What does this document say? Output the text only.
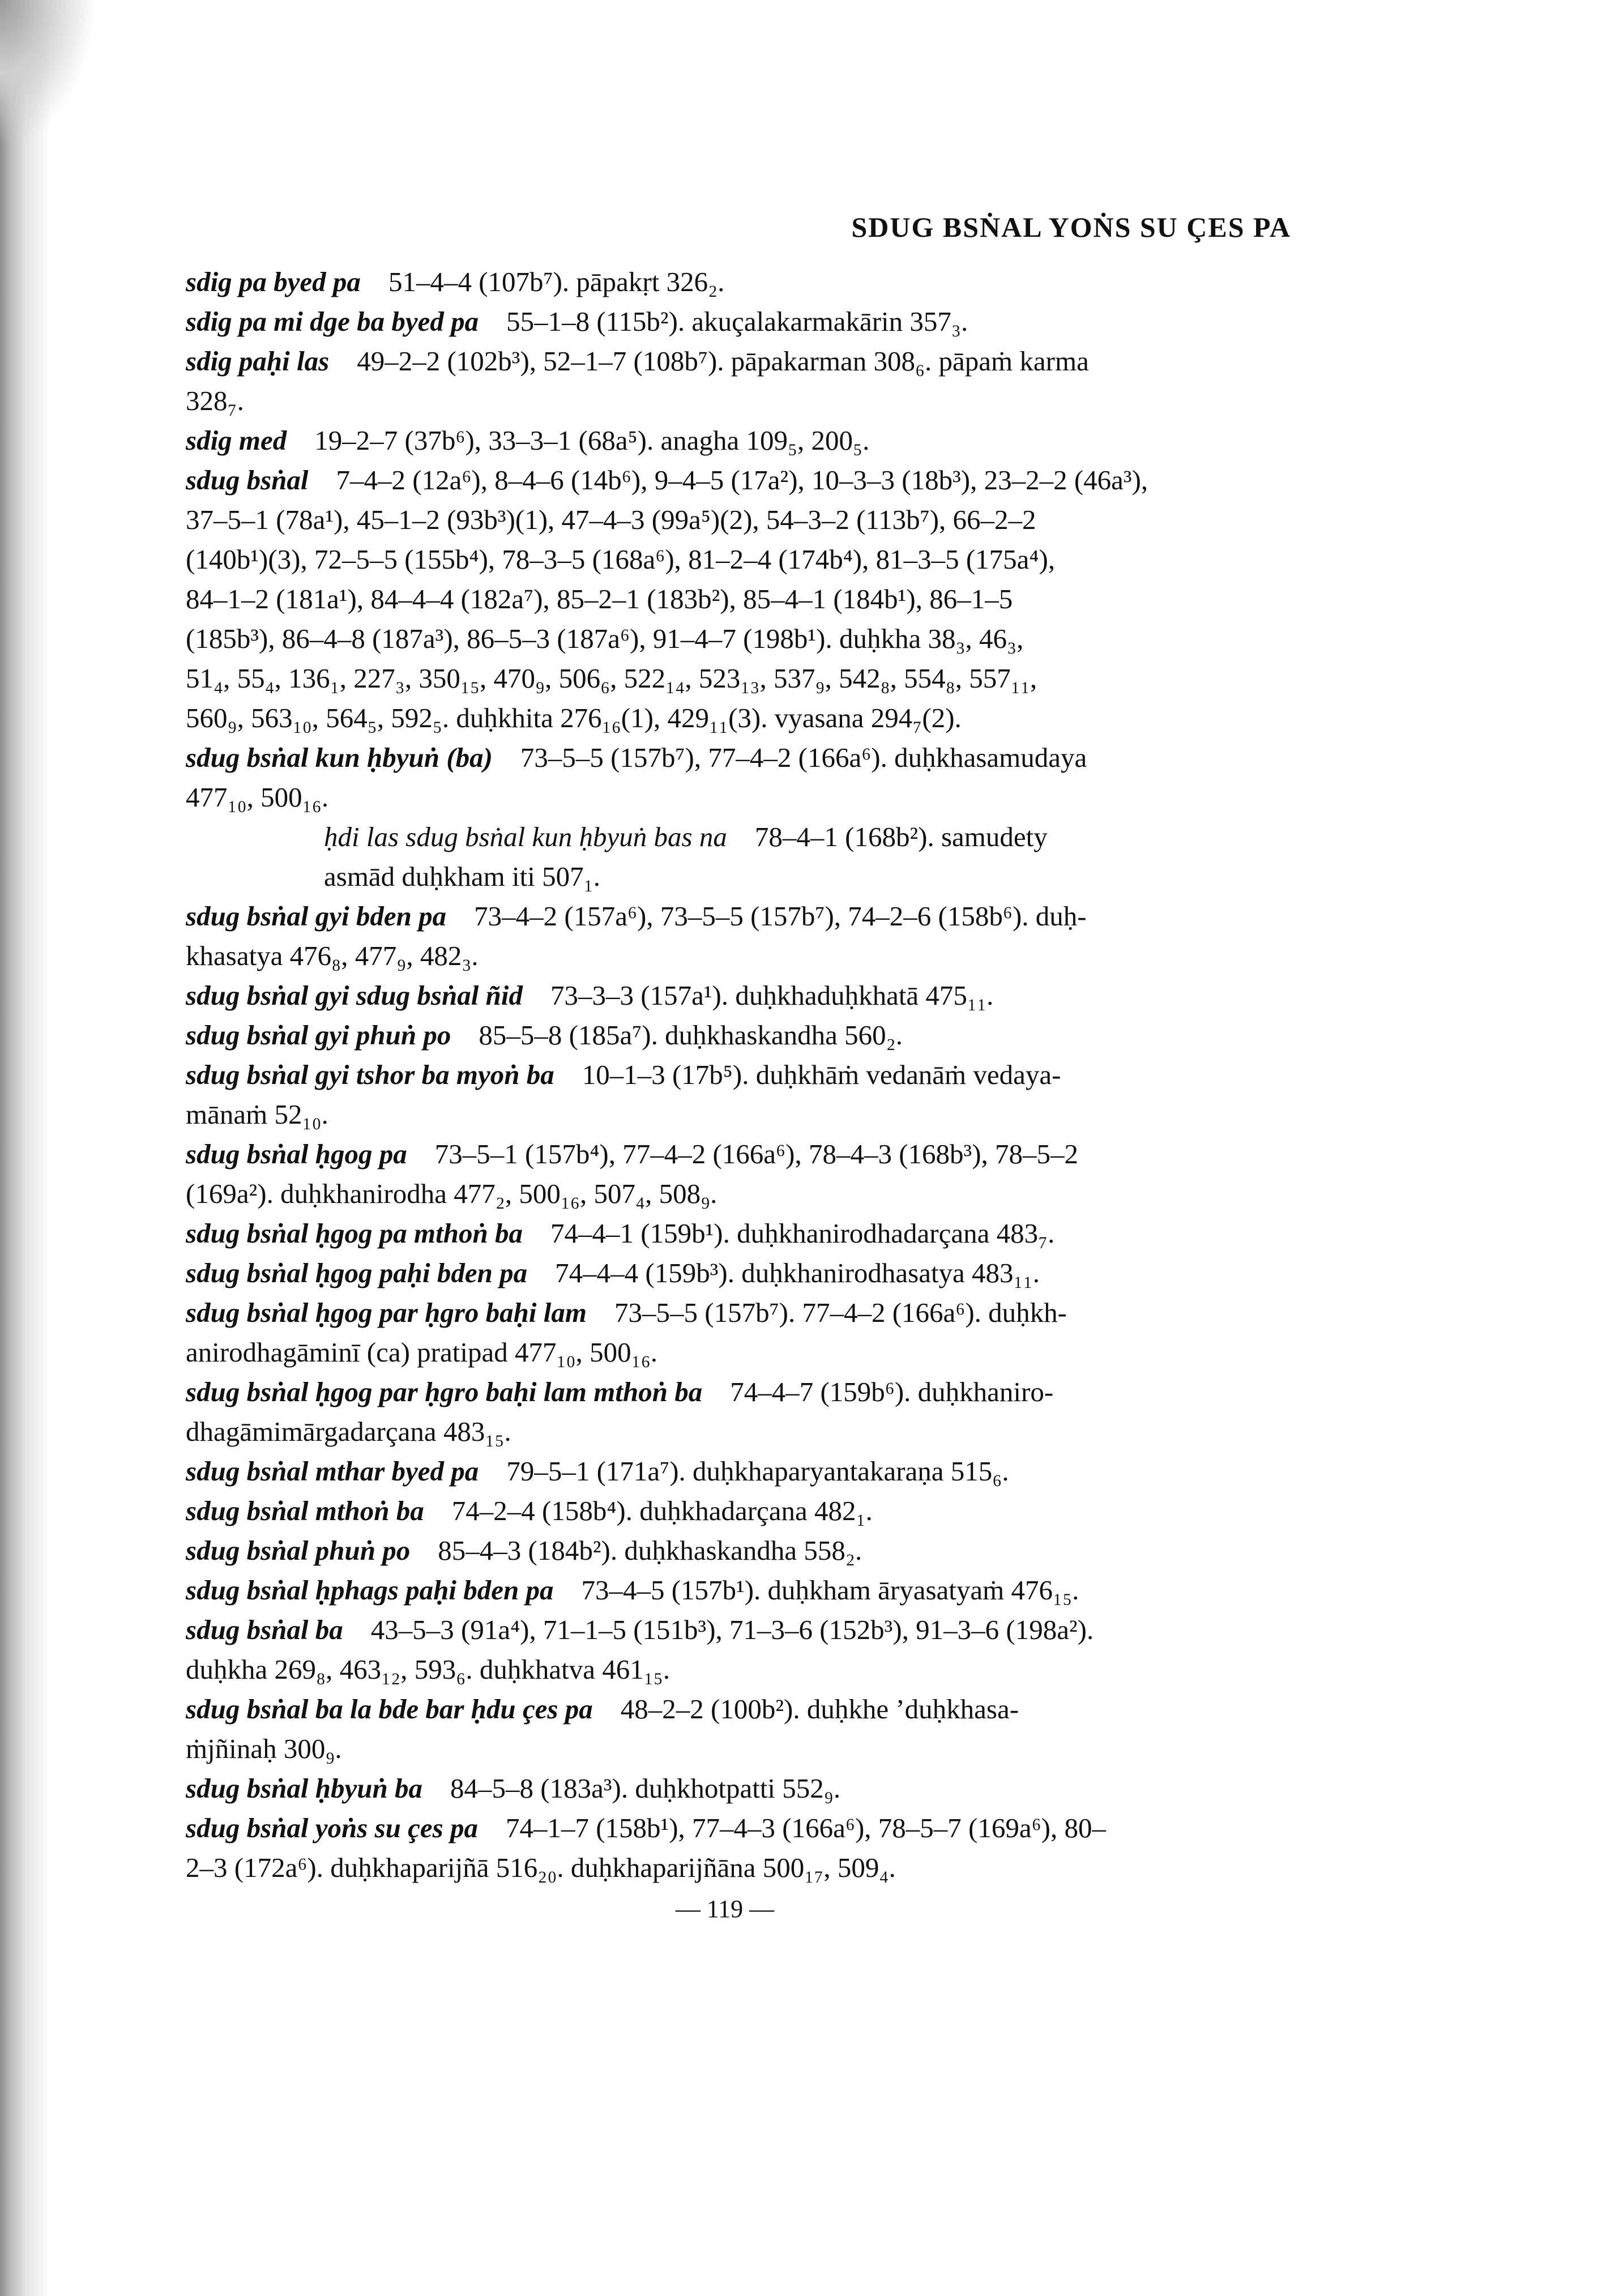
SDUG BSṄAL YOṄS SU ÇES PA
sdig pa byed pa  51–4–4 (107b⁷). pāpakṛt 326₂.
sdig pa mi dge ba byed pa  55–1–8 (115b²). akuçalakarmakārin 357₃.
sdig paḥi las  49–2–2 (102b³), 52–1–7 (108b⁷). pāpakarman 308₆. pāpaṁ karma
328₇.
sdig med  19–2–7 (37b⁶), 33–3–1 (68a⁵). anagha 109₅, 200₅.
sdug bsṅal  7–4–2 (12a⁶), 8–4–6 (14b⁶), 9–4–5 (17a²), 10–3–3 (18b³), 23–2–2 (46a³),
37–5–1 (78a¹), 45–1–2 (93b³)(1), 47–4–3 (99a⁵)(2), 54–3–2 (113b⁷), 66–2–2
(140b¹)(3), 72–5–5 (155b⁴), 78–3–5 (168a⁶), 81–2–4 (174b⁴), 81–3–5 (175a⁴),
84–1–2 (181a¹), 84–4–4 (182a⁷), 85–2–1 (183b²), 85–4–1 (184b¹), 86–1–5
(185b³), 86–4–8 (187a³), 86–5–3 (187a⁶), 91–4–7 (198b¹). duḥkha 38₃, 46₃,
51₄, 55₄, 136₁, 227₃, 350₁₅, 470₉, 506₆, 522₁₄, 523₁₃, 537₉, 542₈, 554₈, 557₁₁,
560₉, 563₁₀, 564₅, 592₅. duḥkhita 276₁₆(1), 429₁₁(3). vyasana 294₇(2).
sdug bsṅal kun ḥbyuṅ (ba)  73–5–5 (157b⁷), 77–4–2 (166a⁶). duḥkhasamudaya
477₁₀, 500₁₆.
ḥdi las sdug bsṅal kun ḥbyuṅ bas na  78–4–1 (168b²). samudety
asmād duḥkham iti 507₁.
sdug bsṅal gyi bden pa  73–4–2 (157a⁶), 73–5–5 (157b⁷), 74–2–6 (158b⁶). duḥ-
khasatya 476₈, 477₉, 482₃.
sdug bsṅal gyi sdug bsṅal ñid  73–3–3 (157a¹). duḥkhaduḥkhatā 475₁₁.
sdug bsṅal gyi phuṅ po  85–5–8 (185a⁷). duḥkhaskandha 560₂.
sdug bsṅal gyi tshor ba myoṅ ba  10–1–3 (17b⁵). duḥkhāṁ vedanāṁ vedaya-
mānaṁ 52₁₀.
sdug bsṅal ḥgog pa  73–5–1 (157b⁴), 77–4–2 (166a⁶), 78–4–3 (168b³), 78–5–2
(169a²). duḥkhanirodha 477₂, 500₁₆, 507₄, 508₉.
sdug bsṅal ḥgog pa mthoṅ ba  74–4–1 (159b¹). duḥkhanirodhadarçana 483₇.
sdug bsṅal ḥgog paḥi bden pa  74–4–4 (159b³). duḥkhanirodhasatya 483₁₁.
sdug bsṅal ḥgog par ḥgro baḥi lam  73–5–5 (157b⁷). 77–4–2 (166a⁶). duḥkh-
anirodhagāminī (ca) pratipad 477₁₀, 500₁₆.
sdug bsṅal ḥgog par ḥgro baḥi lam mthoṅ ba  74–4–7 (159b⁶). duḥkhaniro-
dhagāmimārgadarçana 483₁₅.
sdug bsṅal mthar byed pa  79–5–1 (171a⁷). duḥkhaparyantakaraṇa 515₆.
sdug bsṅal mthoṅ ba  74–2–4 (158b⁴). duḥkhadarçana 482₁.
sdug bsṅal phuṅ po  85–4–3 (184b²). duḥkhaskandha 558₂.
sdug bsṅal ḥphags paḥi bden pa  73–4–5 (157b¹). duḥkham āryasatyaṁ 476₁₅.
sdug bsṅal ba  43–5–3 (91a⁴), 71–1–5 (151b³), 71–3–6 (152b³), 91–3–6 (198a²).
duḥkha 269₈, 463₁₂, 593₆. duḥkhatva 461₁₅.
sdug bsṅal ba la bde bar ḥdu çes pa  48–2–2 (100b²). duḥkhe ’duḥkhasa-
ṁjñinaḥ 300₉.
sdug bsṅal ḥbyuṅ ba  84–5–8 (183a³). duḥkhotpatti 552₉.
sdug bsṅal yoṅs su çes pa  74–1–7 (158b¹), 77–4–3 (166a⁶), 78–5–7 (169a⁶), 80–
2–3 (172a⁶). duḥkhaparijñā 516₂₀. duḥkhaparijñāna 500₁₇, 509₄.
— 119 —
